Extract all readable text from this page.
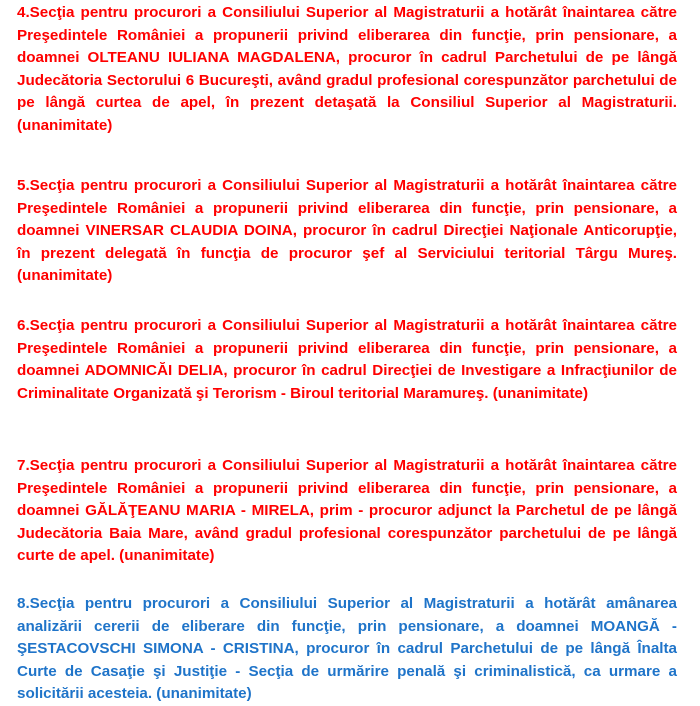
4.Secţia pentru procurori a Consiliului Superior al Magistraturii a hotărât înaintarea către Preşedintele României a propunerii privind eliberarea din funcţie, prin pensionare, a doamnei OLTEANU IULIANA MAGDALENA, procuror în cadrul Parchetului de pe lângă Judecătoria Sectorului 6 Bucureşti, având gradul profesional corespunzător parchetului de pe lângă curtea de apel, în prezent detaşată la Consiliul Superior al Magistraturii. (unanimitate)

5.Secţia pentru procurori a Consiliului Superior al Magistraturii a hotărât înaintarea către Preşedintele României a propunerii privind eliberarea din funcţie, prin pensionare, a doamnei VINERSAR CLAUDIA DOINA, procuror în cadrul Direcţiei Naţionale Anticorupţie, în prezent delegată în funcţia de procuror şef al Serviciului teritorial Târgu Mureş. (unanimitate)

6.Secţia pentru procurori a Consiliului Superior al Magistraturii a hotărât înaintarea către Preşedintele României a propunerii privind eliberarea din funcţie, prin pensionare, a doamnei ADOMNICĂI DELIA, procuror în cadrul Direcţiei de Investigare a Infracţiunilor de Criminalitate Organizată şi Terorism - Biroul teritorial Maramureş. (unanimitate)

7.Secţia pentru procurori a Consiliului Superior al Magistraturii a hotărât înaintarea către Preşedintele României a propunerii privind eliberarea din funcţie, prin pensionare, a doamnei GĂLĂŢEANU MARIA - MIRELA, prim - procuror adjunct la Parchetul de pe lângă Judecătoria Baia Mare, având gradul profesional corespunzător parchetului de pe lângă curte de apel. (unanimitate)

8.Secţia pentru procurori a Consiliului Superior al Magistraturii a hotărât amânarea analizării cererii de eliberare din funcţie, prin pensionare, a doamnei MOANGĂ - ŞESTACOVSCHI SIMONA - CRISTINA, procuror în cadrul Parchetului de pe lângă Înalta Curte de Casaţie şi Justiţie - Secţia de urmărire penală şi criminalistică, ca urmare a solicitării acesteia. (unanimitate)
